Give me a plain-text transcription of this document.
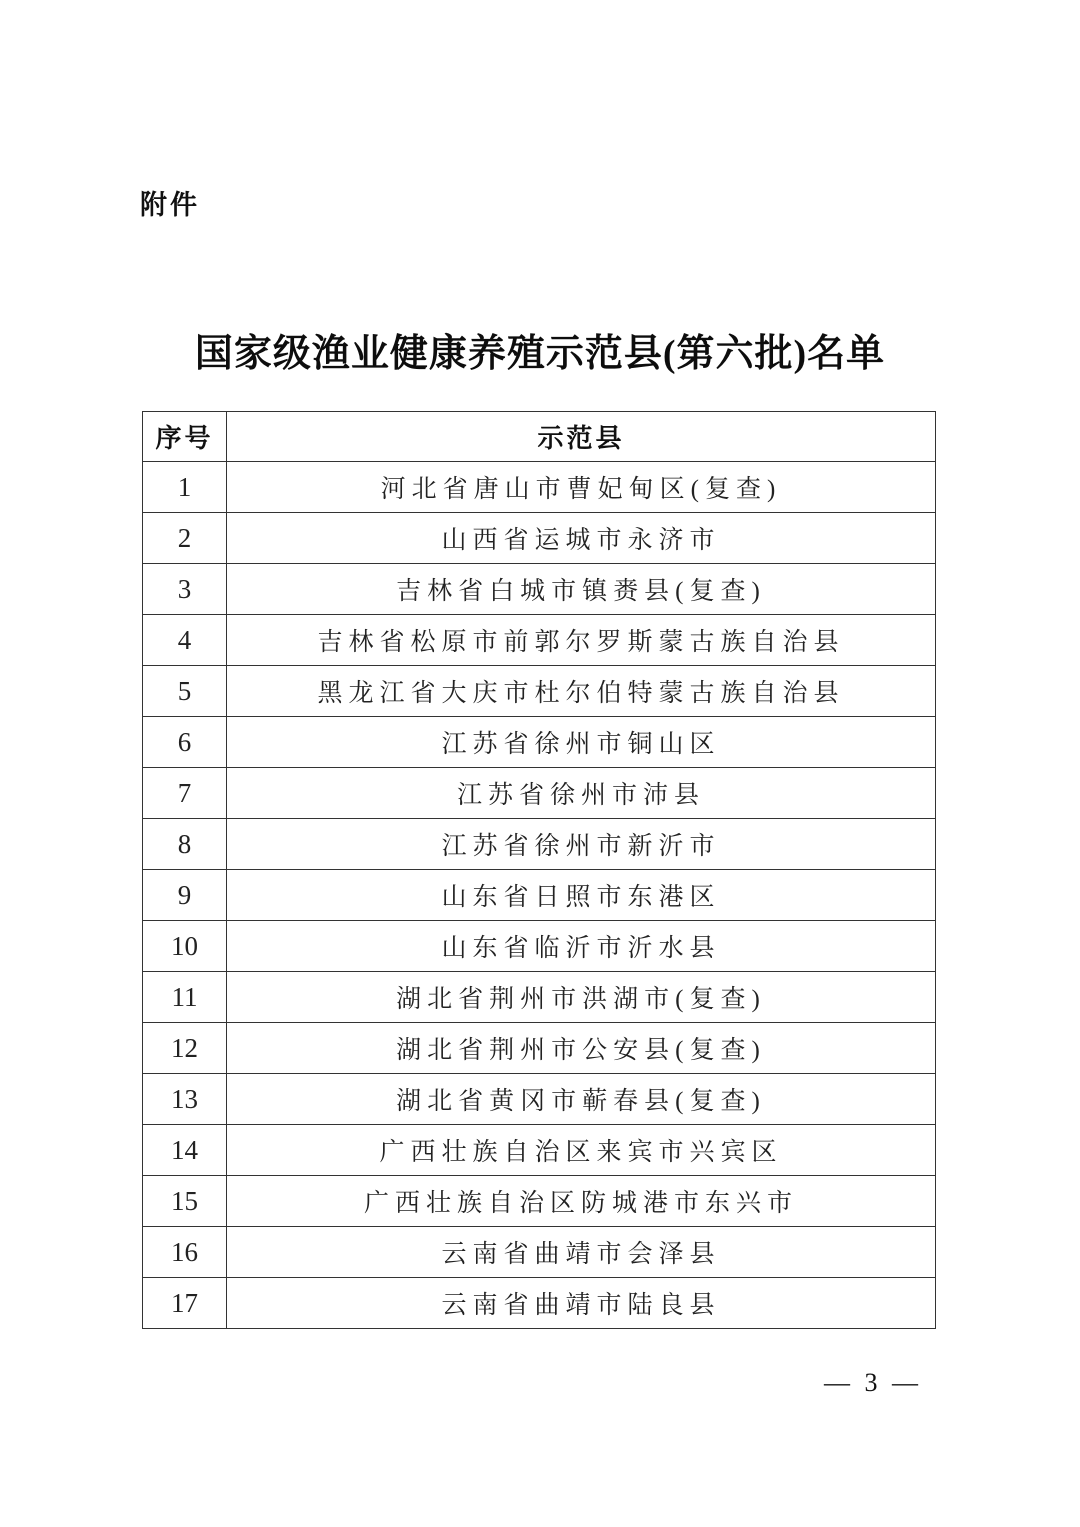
附件
国家级渔业健康养殖示范县(第六批)名单
序号	示范县
1	河北省唐山市曹妃甸区(复查)
2	山西省运城市永济市
3	吉林省白城市镇赉县(复查)
4	吉林省松原市前郭尔罗斯蒙古族自治县
5	黑龙江省大庆市杜尔伯特蒙古族自治县
6	江苏省徐州市铜山区
7	江苏省徐州市沛县
8	江苏省徐州市新沂市
9	山东省日照市东港区
10	山东省临沂市沂水县
11	湖北省荆州市洪湖市(复查)
12	湖北省荆州市公安县(复查)
13	湖北省黄冈市蕲春县(复查)
14	广西壮族自治区来宾市兴宾区
15	广西壮族自治区防城港市东兴市
16	云南省曲靖市会泽县
17	云南省曲靖市陆良县
— 3 —
